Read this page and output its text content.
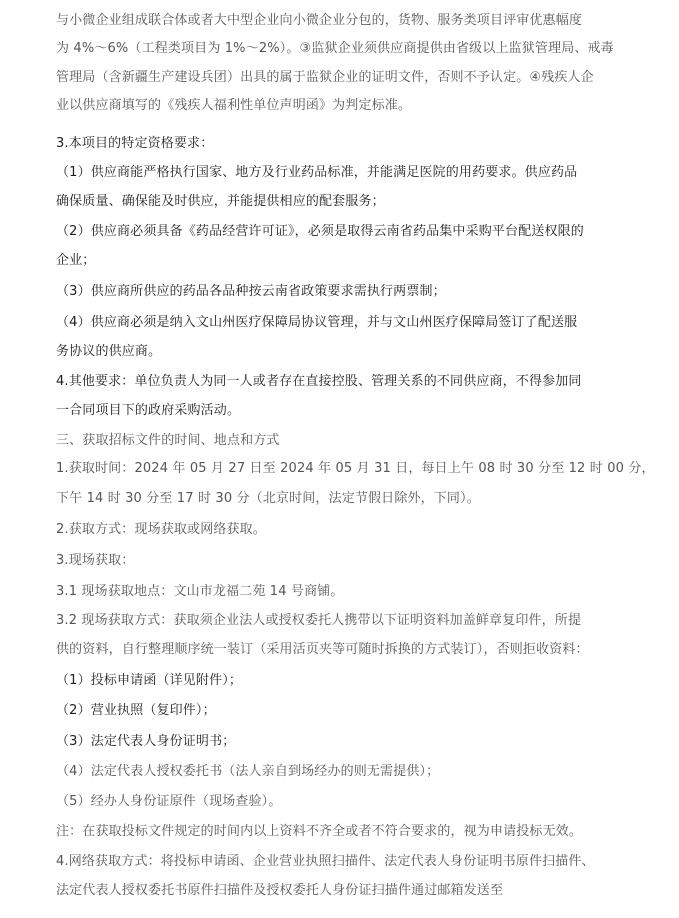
与小微企业组成联合体或者大中型企业向小微企业分包的，货物、服务类项目评审优惠幅度
为 4%～6%（工程类项目为 1%～2%）。③监狱企业须供应商提供由省级以上监狱管理局、戒毒
管理局（含新疆生产建设兵团）出具的属于监狱企业的证明文件，否则不予认定。④残疾人企
业以供应商填写的《残疾人福利性单位声明函》为判定标准。
3.本项目的特定资格要求：
（1）供应商能严格执行国家、地方及行业药品标准，并能满足医院的用药要求。供应药品
确保质量、确保能及时供应，并能提供相应的配套服务；
（2）供应商必须具备《药品经营许可证》，必须是取得云南省药品集中采购平台配送权限的
企业；
（3）供应商所供应的药品各品种按云南省政策要求需执行两票制；
（4）供应商必须是纳入文山州医疗保障局协议管理，并与文山州医疗保障局签订了配送服
务协议的供应商。
4.其他要求：单位负责人为同一人或者存在直接控股、管理关系的不同供应商，不得参加同
一合同项目下的政府采购活动。
三、获取招标文件的时间、地点和方式
1.获取时间：2024 年 05 月 27 日至 2024 年 05 月 31 日，每日上午 08 时 30 分至 12 时 00 分，
下午 14 时 30 分至 17 时 30 分（北京时间，法定节假日除外，下同）。
2.获取方式：现场获取或网络获取。
3.现场获取：
3.1 现场获取地点：文山市龙福二苑 14 号商铺。
3.2 现场获取方式：获取须企业法人或授权委托人携带以下证明资料加盖鲜章复印件，所提
供的资料，自行整理顺序统一装订（采用活页夹等可随时拆换的方式装订），否则拒收资料：
（1）投标申请函（详见附件）；
（2）营业执照（复印件）；
（3）法定代表人身份证明书；
（4）法定代表人授权委托书（法人亲自到场经办的则无需提供）；
（5）经办人身份证原件（现场查验）。
注：在获取投标文件规定的时间内以上资料不齐全或者不符合要求的，视为申请投标无效。
4.网络获取方式：将投标申请函、企业营业执照扫描件、法定代表人身份证明书原件扫描件、
法定代表人授权委托书原件扫描件及授权委托人身份证扫描件通过邮箱发送至
